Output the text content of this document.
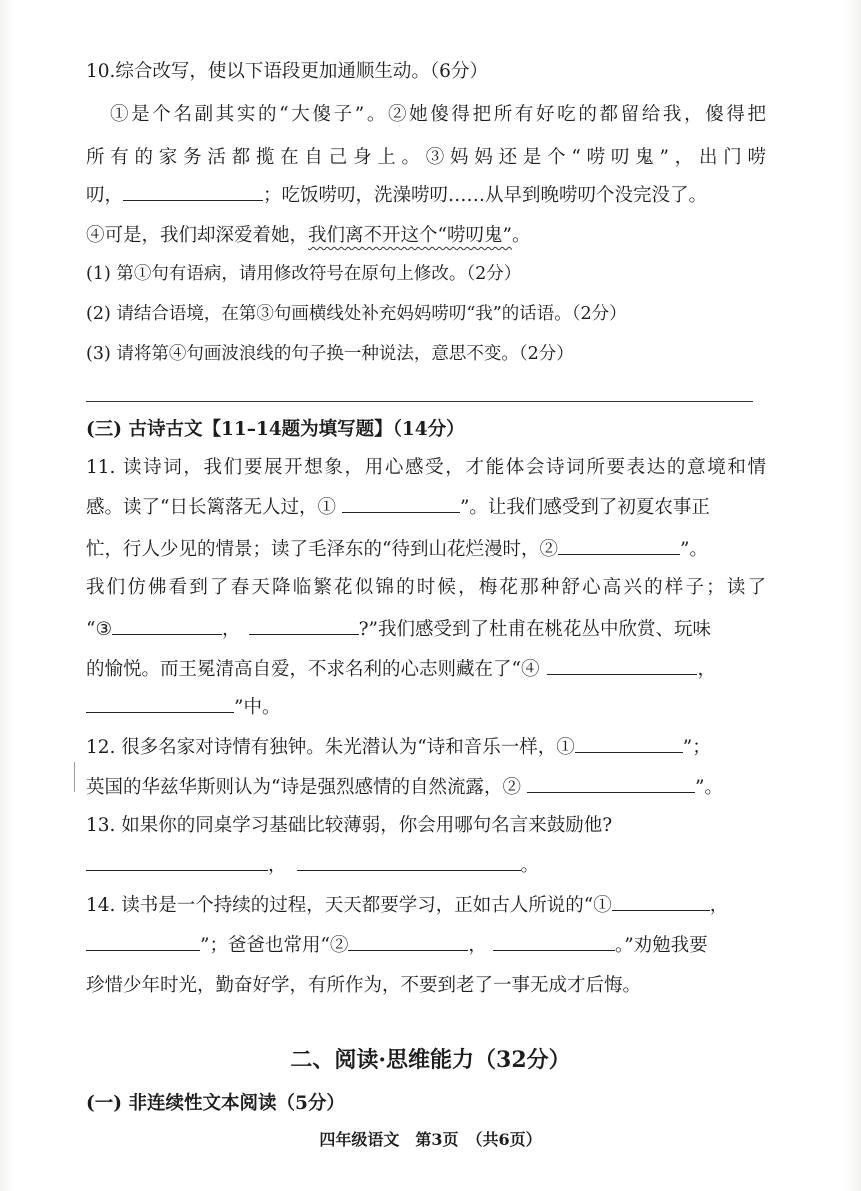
10.综合改写，使以下语段更加通顺生动。（6分）
①是个名副其实的“大傻子”。②她傻得把所有好吃的都留给我，傻得把
所有的家务活都揽在自己身上。③妈妈还是个“唠叨鬼”，出门唠
叨，	；吃饭唠叨，洗澡唠叨……从早到晚唠叨个没完没了。
④可是，我们却深爱着她，我们离不开这个“唠叨鬼”。
(1) 第①句有语病，请用修改符号在原句上修改。（2分）
(2) 请结合语境，在第③句画横线处补充妈妈唠叨“我”的话语。（2分）
(3) 请将第④句画波浪线的句子换一种说法，意思不变。（2分）
(三) 古诗古文【11–14题为填写题】（14分）
11. 读诗词，我们要展开想象，用心感受，才能体会诗词所要表达的意境和情
感。读了“日长篱落无人过，①	”。让我们感受到了初夏农事正
忙，行人少见的情景；读了毛泽东的“待到山花烂漫时，②	”。
我们仿佛看到了春天降临繁花似锦的时候，梅花那种舒心高兴的样子；读了
“③	，	?”我们感受到了杜甫在桃花丛中欣赏、玩味
的愉悦。而王冕清高自爱，不求名利的心志则藏在了“④	，
”中。
12. 很多名家对诗情有独钟。朱光潜认为“诗和音乐一样，①	”；
英国的华兹华斯则认为“诗是强烈感情的自然流露，②	”。
13. 如果你的同桌学习基础比较薄弱，你会用哪句名言来鼓励他?
，	。
14. 读书是一个持续的过程，天天都要学习，正如古人所说的“①	，
”；爸爸也常用“②	，	。”劝勉我要
珍惜少年时光，勤奋好学，有所作为，不要到老了一事无成才后悔。
二、阅读·思维能力（32分）
(一) 非连续性文本阅读（5分）
四年级语文　第3页　（共6页）
